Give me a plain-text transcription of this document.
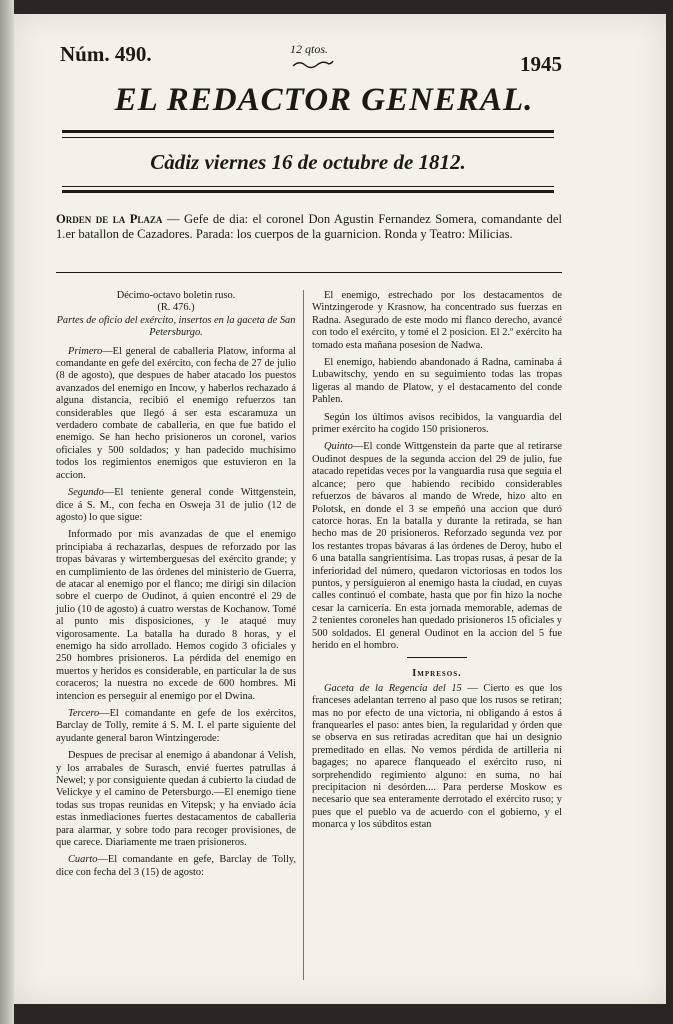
Núm. 490.	12 qtos.
1945
EL REDACTOR GENERAL.
Càdiz viernes 16 de octubre de 1812.
Orden de la Plaza — Gefe de dia: el coronel Don Agustin Fernandez Somera, comandante del 1.er batallon de Cazadores. Parada: los cuerpos de la guarnicion. Ronda y Teatro: Milicias.

Décimo-octavo boletin ruso.

(R. 476.)

Partes de oficio del exército, insertos en la gaceta de San Petersburgo.

Primero—El general de caballeria Platow, informa al comandante en gefe del exército, con fecha de 27 de julio (8 de agosto), que despues de haber atacado los puestos avanzados del enemigo en Incow, y haberlos rechazado á alguna distancia, recibió el enemigo refuerzos tan considerables que llegó á ser esta escaramuza un verdadero combate de caballeria, en que fue batido el enemigo. Se han hecho prisioneros un coronel, varios oficiales y 500 soldados; y han padecido muchísimo todos los regimientos enemigos que estuvieron en la accion.

Segundo—El teniente general conde Wittgenstein, dice á S. M., con fecha en Osweja 31 de julio (12 de agosto) lo que sigue:

Informado por mis avanzadas de que el enemigo principiaba á rechazarlas, despues de reforzado por las tropas bávaras y wirtemberguesas del exército grande; y en cumplimiento de las órdenes del ministerio de Guerra, de atacar al enemigo por el flanco; me dirigi sin dilacion sobre el cuerpo de Oudinot, á quien encontré el 29 de julio (10 de agosto) á cuatro werstas de Kochanow. Tomé al punto mis disposiciones, y le ataqué muy vigorosamente. La batalla ha durado 8 horas, y el enemigo ha sido arrollado. Hemos cogido 3 oficiales y 250 hombres prisioneros. La pérdida del enemigo en muertos y heridos es considerable, en particular la de sus coraceros; la nuestra no excede de 600 hombres. Mi intencion es perseguir al enemigo por el Dwina.

Tercero—El comandante en gefe de los exércitos, Barclay de Tolly, remite á S. M. I. el parte siguiente del ayudante general baron Wintzingerode:

Despues de precisar al enemigo á abandonar á Velish, y los arrabales de Surasch, envié fuertes patrullas á Newel; y por consiguiente quedan á cubierto la ciudad de Velickye y el camino de Petersburgo.—El enemigo tiene todas sus tropas reunidas en Vitepsk; y ha enviado ácia estas inmediaciones fuertes destacamentos de caballeria para alarmar, y sobre todo para recoger provisiones, de que carece. Diariamente me traen prisioneros.

Cuarto—El comandante en gefe, Barclay de Tolly, dice con fecha del 3 (15) de agosto:

El enemigo, estrechado por los destacamentos de Wintzingerode y Krasnow, ha concentrado sus fuerzas en Radna. Asegurado de este modo mi flanco derecho, avancé con todo el exército, y tomé el 2 posicion. El 2.º exército ha tomado esta mañana posesion de Nadwa.

El enemigo, habiendo abandonado á Radna, caminaba á Lubawitschy, yendo en su seguimiento todas las tropas ligeras al mando de Platow, y el destacamento del conde Pahlen.

Según los últimos avisos recibidos, la vanguardia del primer exército ha cogido 150 prisioneros.

Quinto—El conde Wittgenstein da parte que al retirarse Oudinot despues de la segunda accion del 29 de julio, fue atacado repetidas veces por la vanguardia rusa que seguia el alcance; pero que habiendo recibido considerables refuerzos de bávaros al mando de Wrede, hizo alto en Polotsk, en donde el 3 se empeñó una accion que duró catorce horas. En la batalla y durante la retirada, se han hecho mas de 20 prisioneros. Reforzado segunda vez por los restantes tropas bávaras á las órdenes de Deroy, hubo el 6 una batalla sangrientísima. Las tropas rusas, á pesar de la inferioridad del número, quedaron victoriosas en todos los puntos, y persiguieron al enemigo hasta la ciudad, en cuyas calles continuó el combate, hasta que por fin hizo la noche cesar la carnicería. En esta jornada memorable, ademas de 2 tenientes coroneles han quedado prisioneros 15 oficiales y 500 soldados. El general Oudinot en la accion del 5 fue herido en el hombro.

Impresos.

Gaceta de la Regencia del 15 — Cierto es que los franceses adelantan terreno al paso que los rusos se retiran; mas no por efecto de una victoria, ni obligando á estos á franquearles el paso: antes bien, la regularidad y órden que se observa en sus retiradas acreditan que hai un designio premeditado en ellas. No vemos pérdida de artilleria ni bagages; no aparece flanqueado el exército ruso, ni sorprehendido regimiento alguno: en suma, no hai precipitacion ni desórden.... Para perderse Moskow es necesario que sea enteramente derrotado el exército ruso; y pues que el pueblo va de acuerdo con el gobierno, y el monarca y los súbditos estan
